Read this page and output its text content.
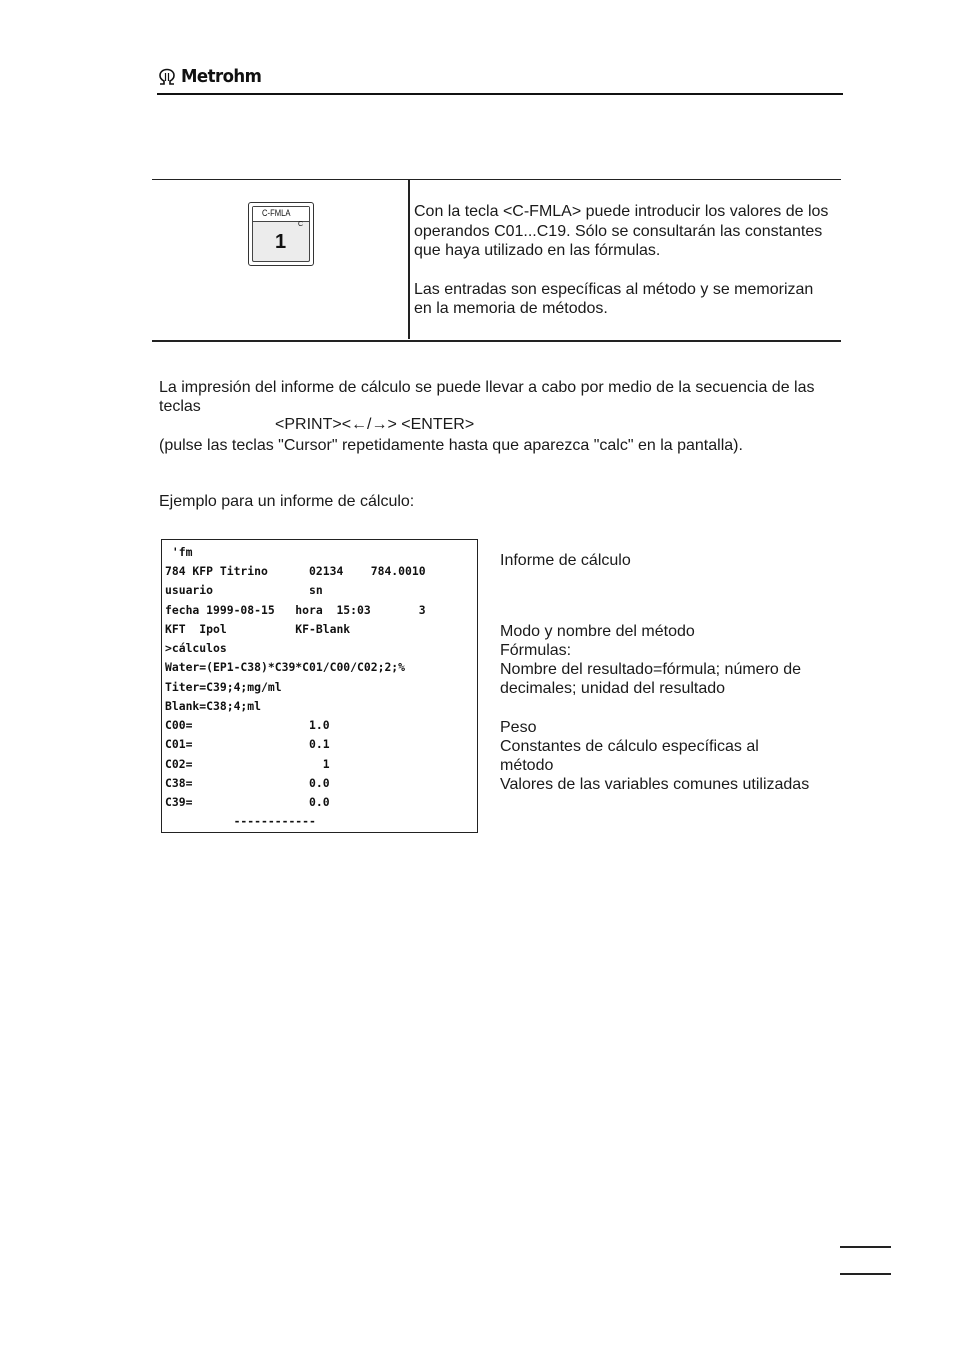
Metrohm
C-FMLA
C
1

Con la tecla <C-FMLA> puede introducir los valores de los operandos C01...C19. Sólo se consultarán las constantes que haya utilizado en las fórmulas.

Las entradas son específicas al método y se memorizan en la memoria de métodos.

La impresión del informe de cálculo se puede llevar a cabo por medio de la secuencia de las teclas
<PRINT><←/→> <ENTER>
(pulse las teclas "Cursor" repetidamente hasta que aparezca "calc" en la pantalla).
Ejemplo para un informe de cálculo:
'fm
784 KFP Titrino      02134    784.0010
usuario              sn
fecha 1999-08-15   hora  15:03       3
KFT  Ipol          KF-Blank
>cálculos
Water=(EP1-C38)*C39*C01/C00/C02;2;%
Titer=C39;4;mg/ml
Blank=C38;4;ml
C00=                 1.0
C01=                 0.1
C02=                   1
C38=                 0.0
C39=                 0.0
------------
Informe de cálculo
Modo y nombre del método
Fórmulas:
Nombre del resultado=fórmula; número de
decimales; unidad del resultado
Peso
Constantes de cálculo específicas al
método
Valores de las variables comunes utilizadas
